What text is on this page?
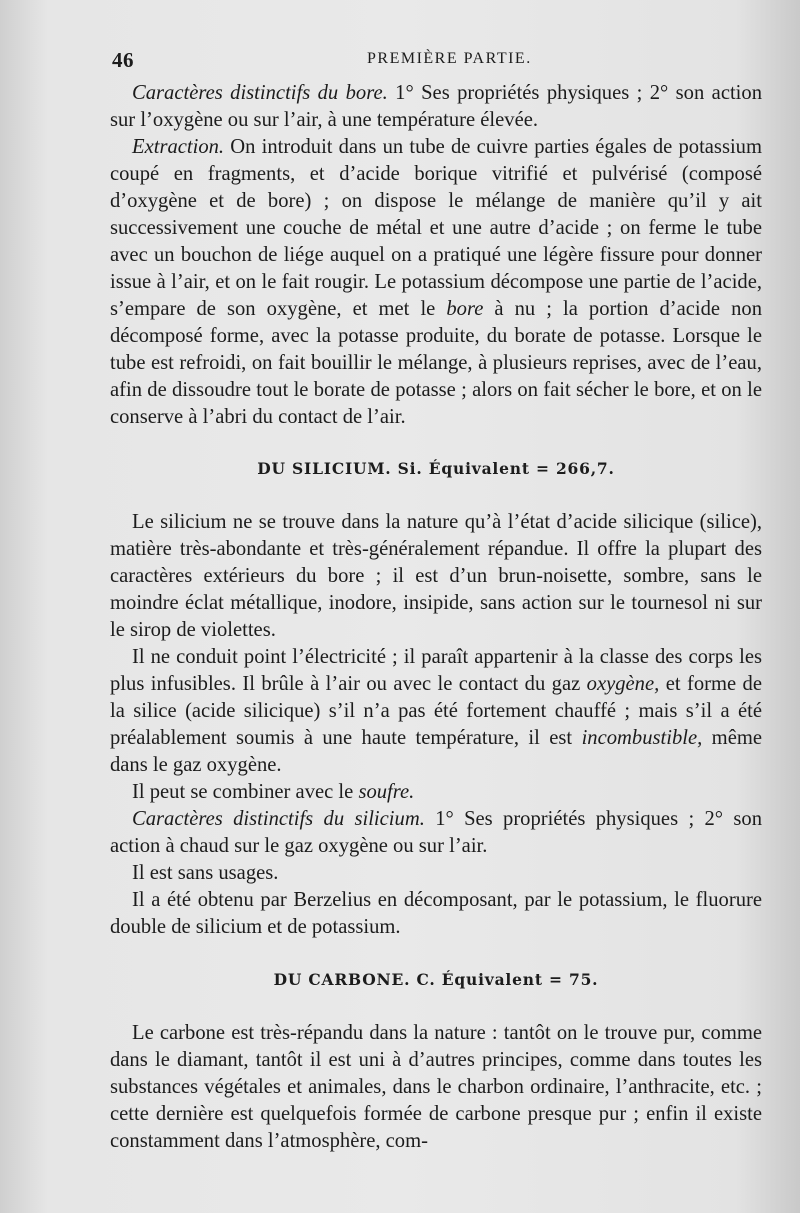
46	PREMIÈRE PARTIE.

Caractères distinctifs du bore. 1° Ses propriétés physiques ; 2° son action sur l’oxygène ou sur l’air, à une température élevée.

Extraction. On introduit dans un tube de cuivre parties égales de potassium coupé en fragments, et d’acide borique vitrifié et pulvérisé (composé d’oxygène et de bore) ; on dispose le mélange de manière qu’il y ait successivement une couche de métal et une autre d’acide ; on ferme le tube avec un bouchon de liége auquel on a pratiqué une légère fissure pour donner issue à l’air, et on le fait rougir. Le potassium décompose une partie de l’acide, s’empare de son oxygène, et met le bore à nu ; la portion d’acide non décomposé forme, avec la potasse produite, du borate de potasse. Lorsque le tube est refroidi, on fait bouillir le mélange, à plusieurs reprises, avec de l’eau, afin de dissoudre tout le borate de potasse ; alors on fait sécher le bore, et on le conserve à l’abri du contact de l’air.

DU SILICIUM. Si. Équivalent = 266,7.

Le silicium ne se trouve dans la nature qu’à l’état d’acide silicique (silice), matière très-abondante et très-généralement répandue. Il offre la plupart des caractères extérieurs du bore ; il est d’un brun-noisette, sombre, sans le moindre éclat métallique, inodore, insipide, sans action sur le tournesol ni sur le sirop de violettes.

Il ne conduit point l’électricité ; il paraît appartenir à la classe des corps les plus infusibles. Il brûle à l’air ou avec le contact du gaz oxygène, et forme de la silice (acide silicique) s’il n’a pas été fortement chauffé ; mais s’il a été préalablement soumis à une haute température, il est incombustible, même dans le gaz oxygène.

Il peut se combiner avec le soufre.

Caractères distinctifs du silicium. 1° Ses propriétés physiques ; 2° son action à chaud sur le gaz oxygène ou sur l’air.

Il est sans usages.

Il a été obtenu par Berzelius en décomposant, par le potassium, le fluorure double de silicium et de potassium.

DU CARBONE. C. Équivalent = 75.

Le carbone est très-répandu dans la nature : tantôt on le trouve pur, comme dans le diamant, tantôt il est uni à d’autres principes, comme dans toutes les substances végétales et animales, dans le charbon ordinaire, l’anthracite, etc. ; cette dernière est quelquefois formée de carbone presque pur ; enfin il existe constamment dans l’atmosphère, com-
